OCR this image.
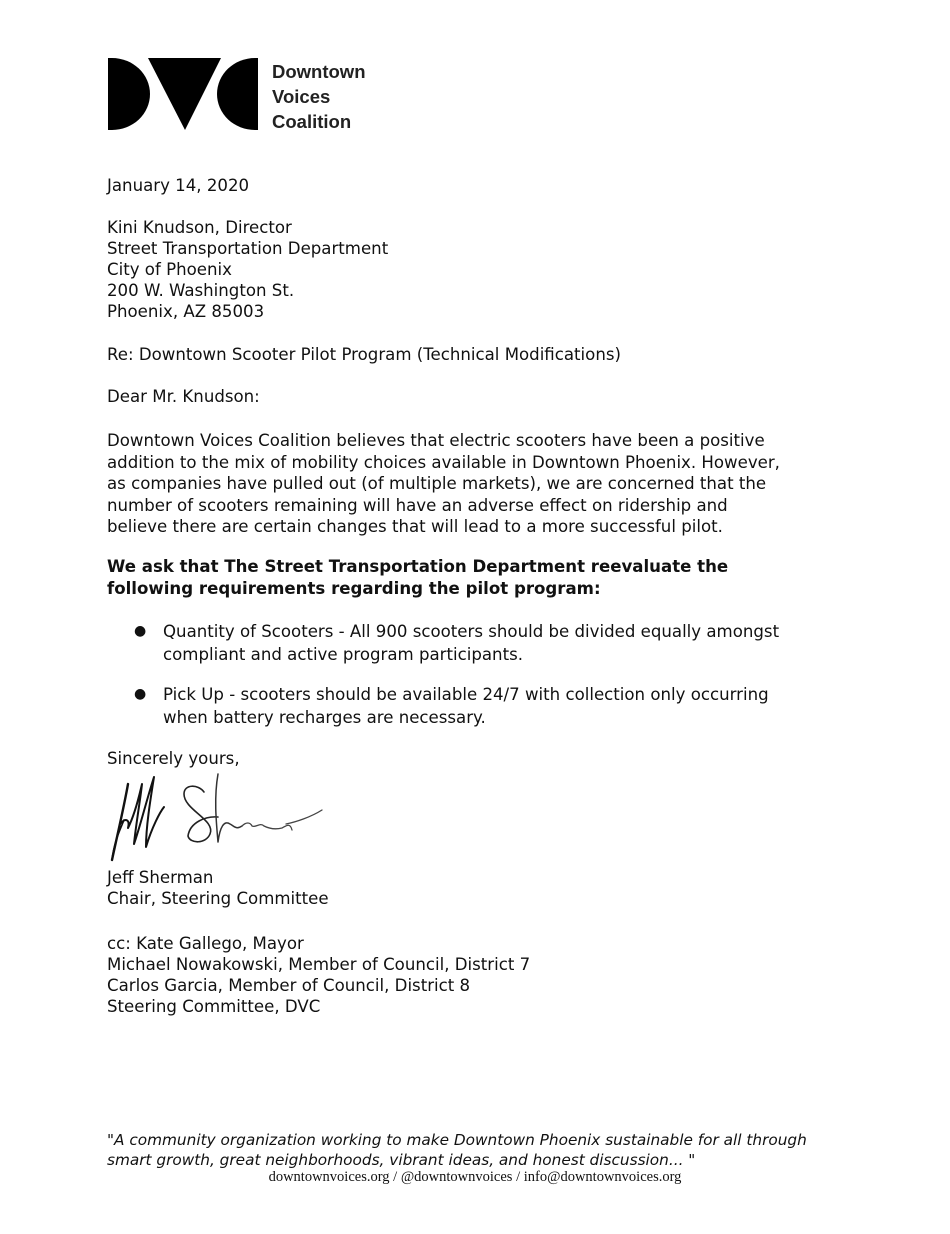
Downtown
Voices
Coalition
January 14, 2020
Kini Knudson, Director
Street Transportation Department
City of Phoenix
200 W. Washington St.
Phoenix, AZ 85003
Re: Downtown Scooter Pilot Program (Technical Modifications)
Dear Mr. Knudson:
Downtown Voices Coalition believes that electric scooters have been a positive
addition to the mix of mobility choices available in Downtown Phoenix. However,
as companies have pulled out (of multiple markets), we are concerned that the
number of scooters remaining will have an adverse effect on ridership and
believe there are certain changes that will lead to a more successful pilot.
We ask that The Street Transportation Department reevaluate the
following requirements regarding the pilot program:
● Quantity of Scooters - All 900 scooters should be divided equally amongst
compliant and active program participants.
● Pick Up - scooters should be available 24/7 with collection only occurring
when battery recharges are necessary.
Sincerely yours,
Jeff Sherman
Chair, Steering Committee
cc: Kate Gallego, Mayor
Michael Nowakowski, Member of Council, District 7
Carlos Garcia, Member of Council, District 8
Steering Committee, DVC
"A community organization working to make Downtown Phoenix sustainable for all through
smart growth, great neighborhoods, vibrant ideas, and honest discussion... "
downtownvoices.org / @downtownvoices / info@downtownvoices.org
